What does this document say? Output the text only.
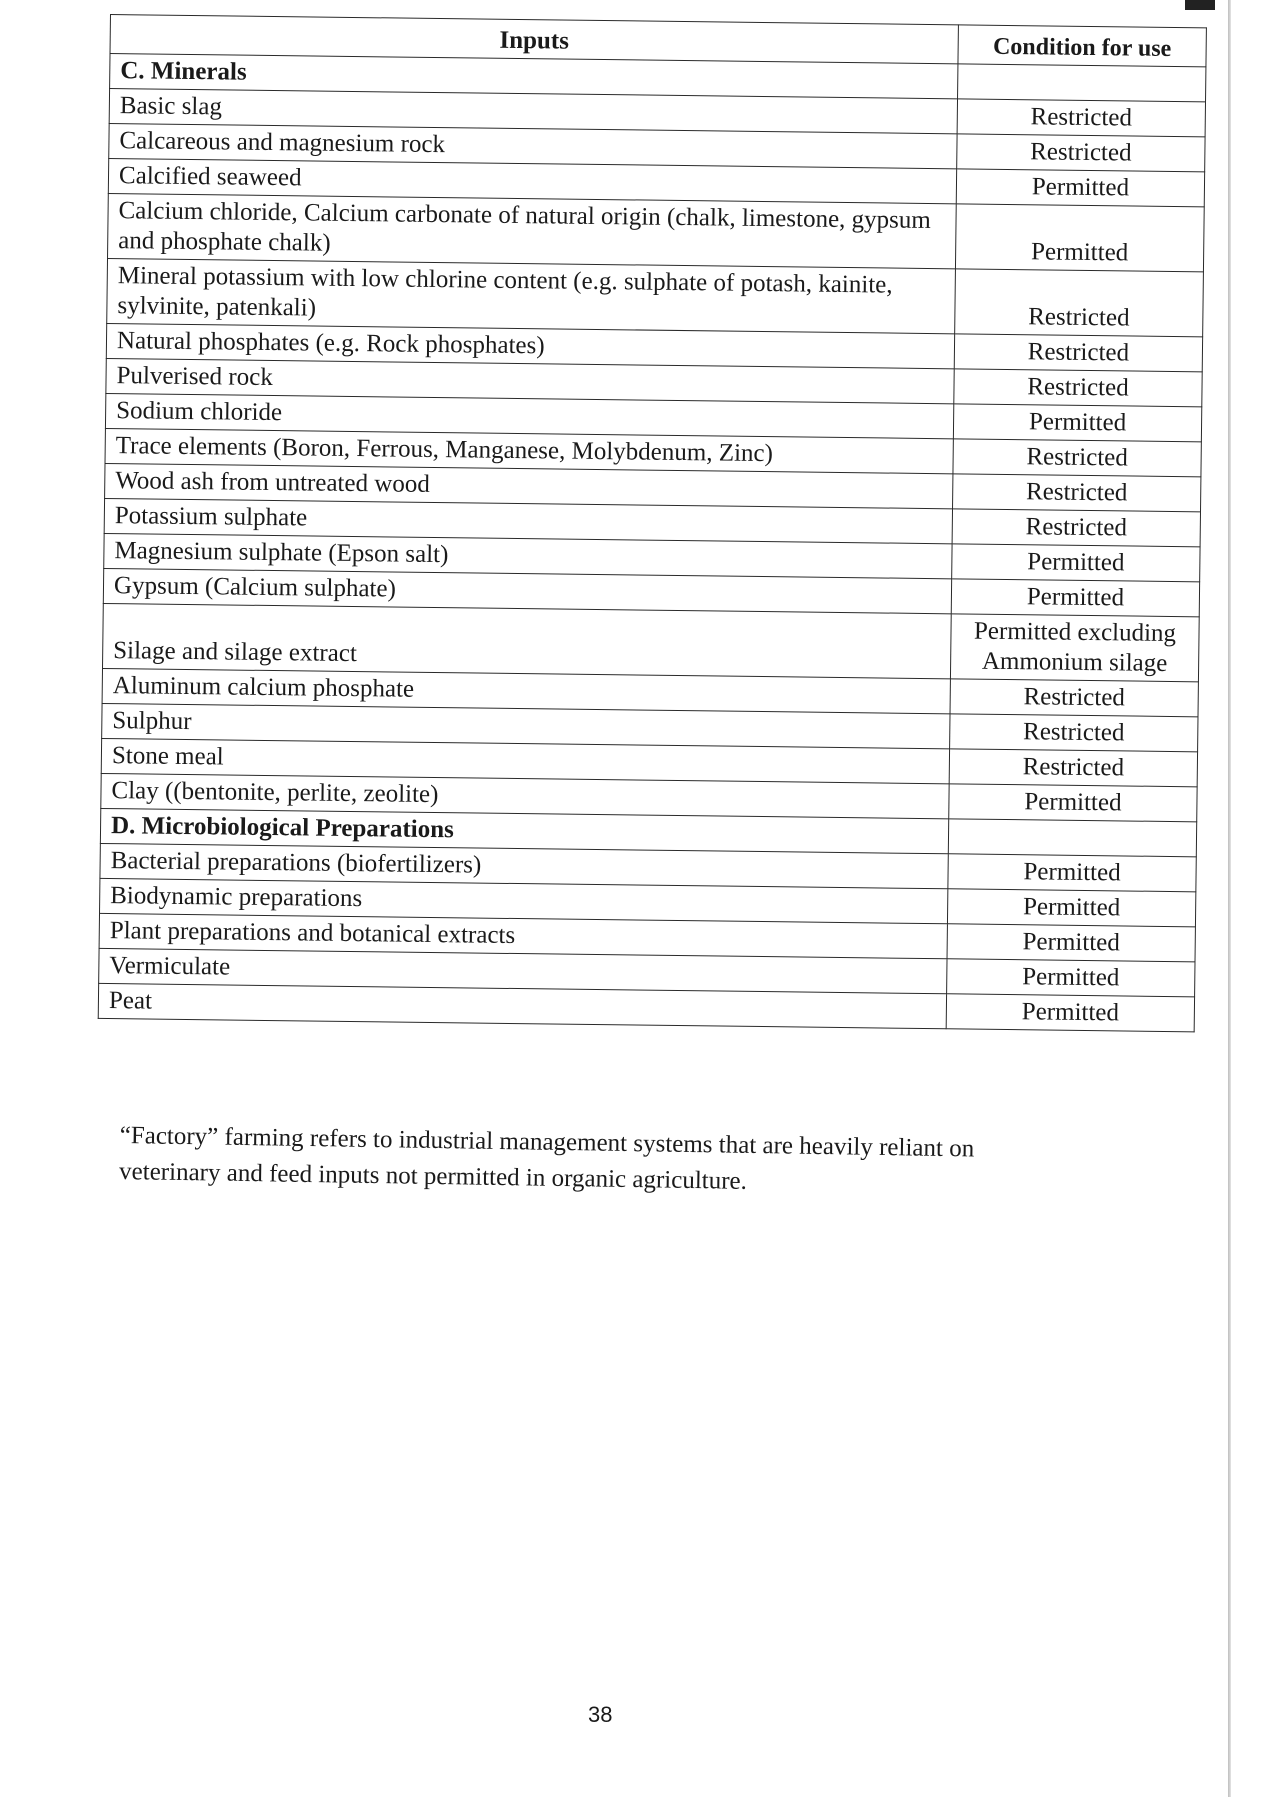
Inputs	Condition for use
C. Minerals	
Basic slag	Restricted
Calcareous and magnesium rock	Restricted
Calcified seaweed	Permitted
Calcium chloride, Calcium carbonate of natural origin (chalk, limestone, gypsum and phosphate chalk)	Permitted
Mineral potassium with low chlorine content (e.g. sulphate of potash, kainite, sylvinite, patenkali)	Restricted
Natural phosphates (e.g. Rock phosphates)	Restricted
Pulverised rock	Restricted
Sodium chloride	Permitted
Trace elements (Boron, Ferrous, Manganese, Molybdenum, Zinc)	Restricted
Wood ash from untreated wood	Restricted
Potassium sulphate	Restricted
Magnesium sulphate (Epson salt)	Permitted
Gypsum (Calcium sulphate)	Permitted
Silage and silage extract	Permitted excluding Ammonium silage
Aluminum calcium phosphate	Restricted
Sulphur	Restricted
Stone meal	Restricted
Clay ((bentonite, perlite, zeolite)	Permitted
D. Microbiological Preparations	
Bacterial preparations (biofertilizers)	Permitted
Biodynamic preparations	Permitted
Plant preparations and botanical extracts	Permitted
Vermiculate	Permitted
Peat	Permitted
“Factory” farming refers to industrial management systems that are heavily reliant on veterinary and feed inputs not permitted in organic agriculture.
38
